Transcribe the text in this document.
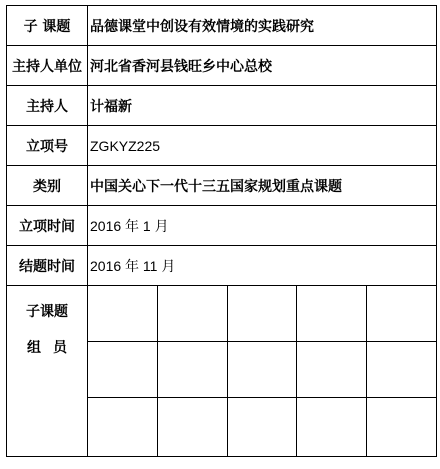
子 课题	品德课堂中创设有效情境的实践研究
主持人单位	河北省香河县钱旺乡中心总校
主持人	计福新
立项号	ZGKYZ225
类别	中国关心下一代十三五国家规划重点课题
立项时间	2016 年 1 月
结题时间	2016 年 11 月

子课题
组员
